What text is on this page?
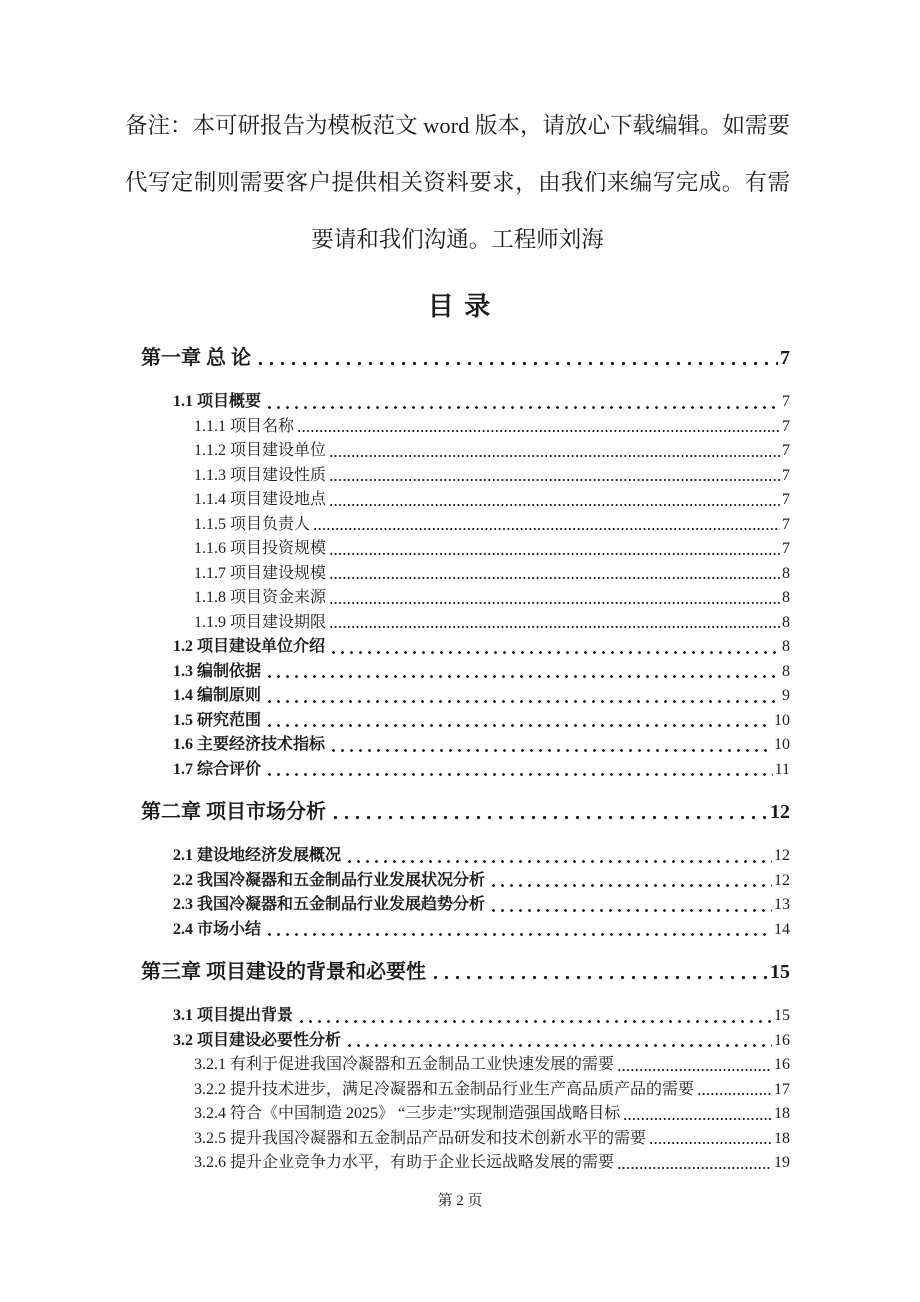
备注：本可研报告为模板范文 word 版本，请放心下载编辑。如需要
代写定制则需要客户提供相关资料要求，由我们来编写完成。有需
要请和我们沟通。工程师刘海
目 录
第一章 总 论	7
1.1 项目概要	7
1.1.1 项目名称	7
1.1.2 项目建设单位	7
1.1.3 项目建设性质	7
1.1.4 项目建设地点	7
1.1.5 项目负责人	7
1.1.6 项目投资规模	7
1.1.7 项目建设规模	8
1.1.8 项目资金来源	8
1.1.9 项目建设期限	8
1.2 项目建设单位介绍	8
1.3 编制依据	8
1.4 编制原则	9
1.5 研究范围	10
1.6 主要经济技术指标	10
1.7 综合评价	11
第二章 项目市场分析	12
2.1 建设地经济发展概况	12
2.2 我国冷凝器和五金制品行业发展状况分析	12
2.3 我国冷凝器和五金制品行业发展趋势分析	13
2.4 市场小结	14
第三章 项目建设的背景和必要性	15
3.1 项目提出背景	15
3.2 项目建设必要性分析	16
3.2.1 有利于促进我国冷凝器和五金制品工业快速发展的需要	16
3.2.2 提升技术进步，满足冷凝器和五金制品行业生产高品质产品的需要	17
3.2.4 符合《中国制造 2025》 “三步走”实现制造强国战略目标	18
3.2.5 提升我国冷凝器和五金制品产品研发和技术创新水平的需要	18
3.2.6 提升企业竞争力水平，有助于企业长远战略发展的需要	19
第 2 页
